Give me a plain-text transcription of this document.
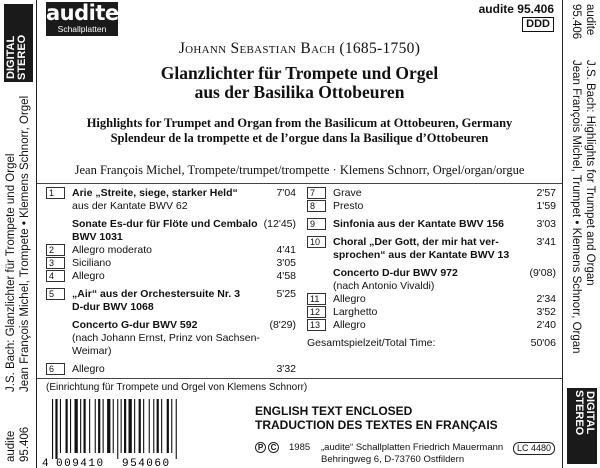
DIGITAL STEREO
J.S. Bach: Glanzlichter für Trompete und Orgel Jean François Michel, Trompete • Klemens Schnorr, Orgel
audite 95.406
audite
95.406
J.S. Bach: Highlights for Trumpet and Organ
Jean François Michel, Trumpet • Klemens Schnorr, Organ
DIGITAL
STEREO
audite
Schallplatten
audite 95.406
DDD
Johann Sebastian Bach (1685-1750)
Glanzlichter für Trompete und Orgel
aus der Basilika Ottobeuren
Highlights for Trumpet and Organ from the Basilicum at Ottobeuren, Germany
Splendeur de la trompette et de l’orgue dans la Basilique d’Ottobeuren
Jean François Michel, Trompete/trumpet/trompette · Klemens Schnorr, Orgel/organ/orgue
1	Arie „Streite, siege, starker Held“	7'04
aus der Kantate BWV 62
Sonate Es-dur für Flöte und Cembalo (12'45)
BWV 1031
2	Allegro moderato	4'41
3	Siciliano	3'05
4	Allegro	4'58
5	„Air“ aus der Orchestersuite Nr. 3	5'25
D-dur BWV 1068
Concerto G-dur BWV 592	(8'29)
(nach Johann Ernst, Prinz von Sachsen-
Weimar)
6	Allegro	3'32
7	Grave	2'57
8	Presto	1'59
9	Sinfonia aus der Kantate BWV 156	3'03
10	Choral „Der Gott, der mir hat ver-	3'41
sprochen“ aus der Kantate BWV 13
Concerto D-dur BWV 972	(9'08)
(nach Antonio Vivaldi)
11	Allegro	2'34
12	Larghetto	3'52
13	Allegro	2'40
Gesamtspielzeit/Total Time:	50'06
(Einrichtung für Trompete und Orgel von Klemens Schnorr)
ENGLISH TEXT ENCLOSED
TRADUCTION DES TEXTES EN FRANÇAIS
P C 1985 „audite“ Schallplatten Friedrich Mauermann
Behringweg 6, D-73760 Ostfildern
LC 4480
4 009410 954060
